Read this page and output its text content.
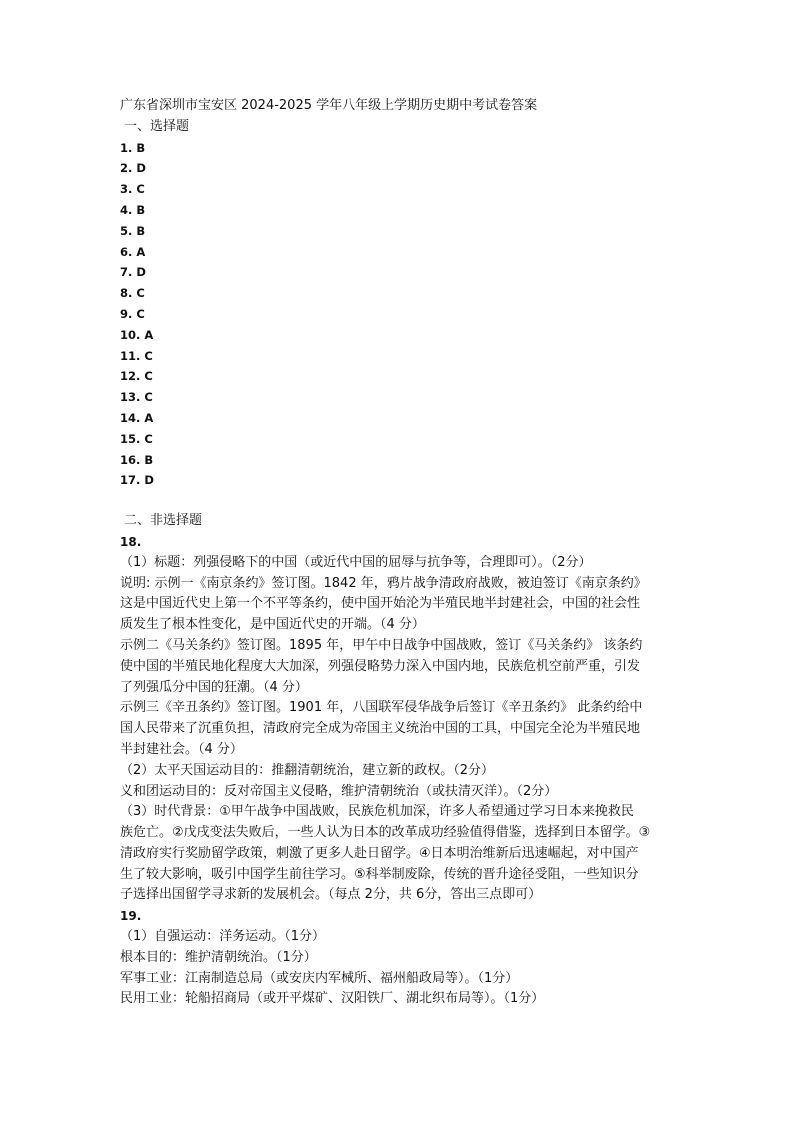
广东省深圳市宝安区 2024-2025 学年八年级上学期历史期中考试卷答案
一、选择题
1. B
2. D
3. C
4. B
5. B
6. A
7. D
8. C
9. C
10. A
11. C
12. C
13. C
14. A
15. C
16. B
17. D
二、非选择题
18.
（1）标题：列强侵略下的中国（或近代中国的屈辱与抗争等，合理即可）。（2分）
说明: 示例一《南京条约》签订图。1842 年，鸦片战争清政府战败，被迫签订《南京条约》
这是中国近代史上第一个不平等条约，使中国开始沦为半殖民地半封建社会，中国的社会性
质发生了根本性变化，是中国近代史的开端。（4 分）
示例二《马关条约》签订图。1895 年，甲午中日战争中国战败，签订《马关条约》 该条约
使中国的半殖民地化程度大大加深，列强侵略势力深入中国内地，民族危机空前严重，引发
了列强瓜分中国的狂潮。（4 分）
示例三《辛丑条约》签订图。1901 年，八国联军侵华战争后签订《辛丑条约》 此条约给中
国人民带来了沉重负担，清政府完全成为帝国主义统治中国的工具，中国完全沦为半殖民地
半封建社会。（4 分）
（2）太平天国运动目的：推翻清朝统治，建立新的政权。（2分）
义和团运动目的：反对帝国主义侵略，维护清朝统治（或扶清灭洋）。（2分）
（3）时代背景：①甲午战争中国战败，民族危机加深，许多人希望通过学习日本来挽救民
族危亡。②戊戌变法失败后，一些人认为日本的改革成功经验值得借鉴，选择到日本留学。③
清政府实行奖励留学政策，刺激了更多人赴日留学。④日本明治维新后迅速崛起，对中国产
生了较大影响，吸引中国学生前往学习。⑤科举制废除，传统的晋升途径受阻，一些知识分
子选择出国留学寻求新的发展机会。（每点 2分，共 6分，答出三点即可）
19.
（1）自强运动：洋务运动。（1分）
根本目的：维护清朝统治。（1分）
军事工业：江南制造总局（或安庆内军械所、福州船政局等）。（1分）
民用工业：轮船招商局（或开平煤矿、汉阳铁厂、湖北织布局等）。（1分）
